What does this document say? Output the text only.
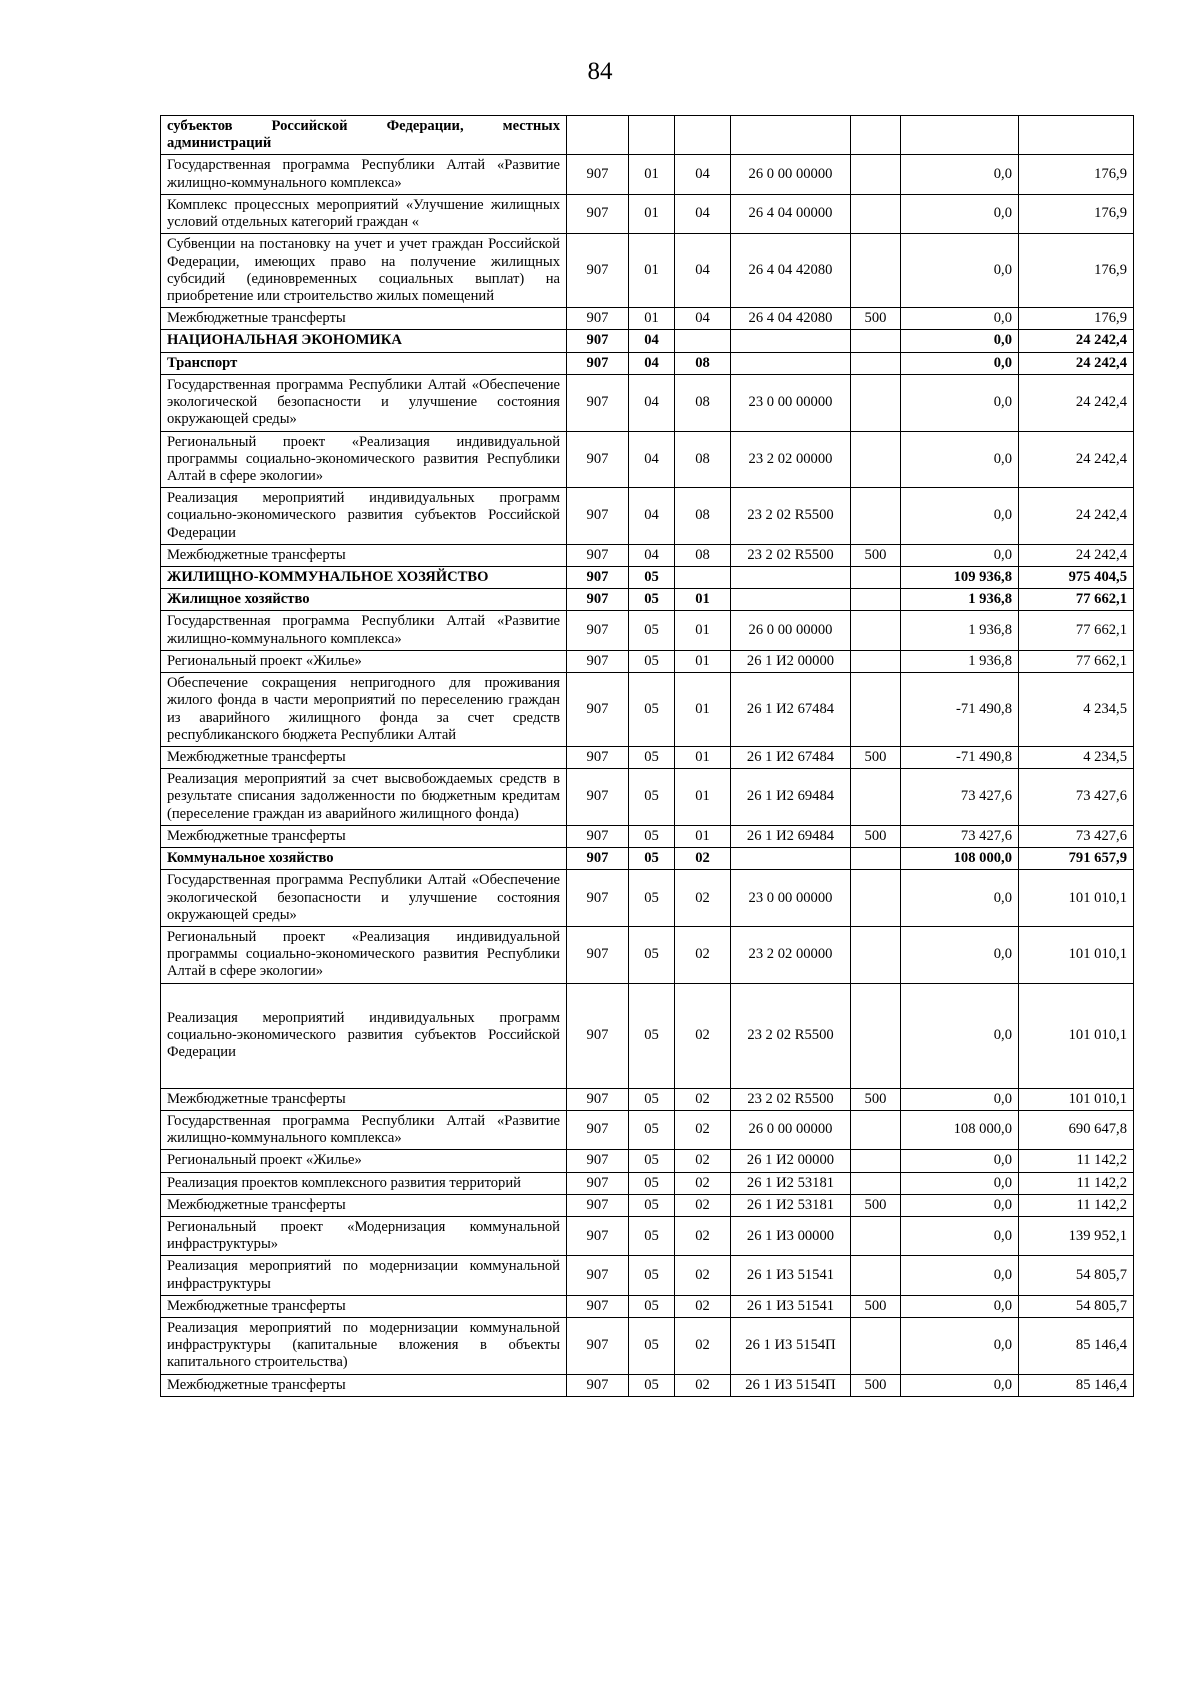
84
субъектов Российской Федерации, местных администраций							
Государственная программа Республики Алтай «Развитие жилищно-коммунального комплекса»	907	01	04	26 0 00 00000		0,0	176,9
Комплекс процессных мероприятий «Улучшение жилищных условий отдельных категорий граждан «	907	01	04	26 4 04 00000		0,0	176,9
Субвенции на постановку на учет и учет граждан Российской Федерации, имеющих право на получение жилищных субсидий (единовременных социальных выплат) на приобретение или строительство жилых помещений	907	01	04	26 4 04 42080		0,0	176,9
Межбюджетные трансферты	907	01	04	26 4 04 42080	500	0,0	176,9
НАЦИОНАЛЬНАЯ ЭКОНОМИКА	907	04				0,0	24 242,4
Транспорт	907	04	08			0,0	24 242,4
Государственная программа Республики Алтай «Обеспечение экологической безопасности и улучшение состояния окружающей среды»	907	04	08	23 0 00 00000		0,0	24 242,4
Региональный проект «Реализация индивидуальной программы социально-экономического развития Республики Алтай в сфере экологии»	907	04	08	23 2 02 00000		0,0	24 242,4
Реализация мероприятий индивидуальных программ социально-экономического развития субъектов Российской Федерации	907	04	08	23 2 02 R5500		0,0	24 242,4
Межбюджетные трансферты	907	04	08	23 2 02 R5500	500	0,0	24 242,4
ЖИЛИЩНО-КОММУНАЛЬНОЕ ХОЗЯЙСТВО	907	05				109 936,8	975 404,5
Жилищное хозяйство	907	05	01			1 936,8	77 662,1
Государственная программа Республики Алтай «Развитие жилищно-коммунального комплекса»	907	05	01	26 0 00 00000		1 936,8	77 662,1
Региональный проект «Жилье»	907	05	01	26 1 И2 00000		1 936,8	77 662,1
Обеспечение сокращения непригодного для проживания жилого фонда в части мероприятий по переселению граждан из аварийного жилищного фонда за счет средств республиканского бюджета Республики Алтай	907	05	01	26 1 И2 67484		-71 490,8	4 234,5
Межбюджетные трансферты	907	05	01	26 1 И2 67484	500	-71 490,8	4 234,5
Реализация мероприятий за счет высвобождаемых средств в результате списания задолженности по бюджетным кредитам (переселение граждан из аварийного жилищного фонда)	907	05	01	26 1 И2 69484		73 427,6	73 427,6
Межбюджетные трансферты	907	05	01	26 1 И2 69484	500	73 427,6	73 427,6
Коммунальное хозяйство	907	05	02			108 000,0	791 657,9
Государственная программа Республики Алтай «Обеспечение экологической безопасности и улучшение состояния окружающей среды»	907	05	02	23 0 00 00000		0,0	101 010,1
Региональный проект «Реализация индивидуальной программы социально-экономического развития Республики Алтай в сфере экологии»	907	05	02	23 2 02 00000		0,0	101 010,1
Реализация мероприятий индивидуальных программ социально-экономического развития субъектов Российской Федерации	907	05	02	23 2 02 R5500		0,0	101 010,1
Межбюджетные трансферты	907	05	02	23 2 02 R5500	500	0,0	101 010,1
Государственная программа Республики Алтай «Развитие жилищно-коммунального комплекса»	907	05	02	26 0 00 00000		108 000,0	690 647,8
Региональный проект «Жилье»	907	05	02	26 1 И2 00000		0,0	11 142,2
Реализация проектов комплексного развития территорий	907	05	02	26 1 И2 53181		0,0	11 142,2
Межбюджетные трансферты	907	05	02	26 1 И2 53181	500	0,0	11 142,2
Региональный проект «Модернизация коммунальной инфраструктуры»	907	05	02	26 1 И3 00000		0,0	139 952,1
Реализация мероприятий по модернизации коммунальной инфраструктуры	907	05	02	26 1 И3 51541		0,0	54 805,7
Межбюджетные трансферты	907	05	02	26 1 И3 51541	500	0,0	54 805,7
Реализация мероприятий по модернизации коммунальной инфраструктуры (капитальные вложения в объекты капитального строительства)	907	05	02	26 1 И3 5154П		0,0	85 146,4
Межбюджетные трансферты	907	05	02	26 1 И3 5154П	500	0,0	85 146,4
